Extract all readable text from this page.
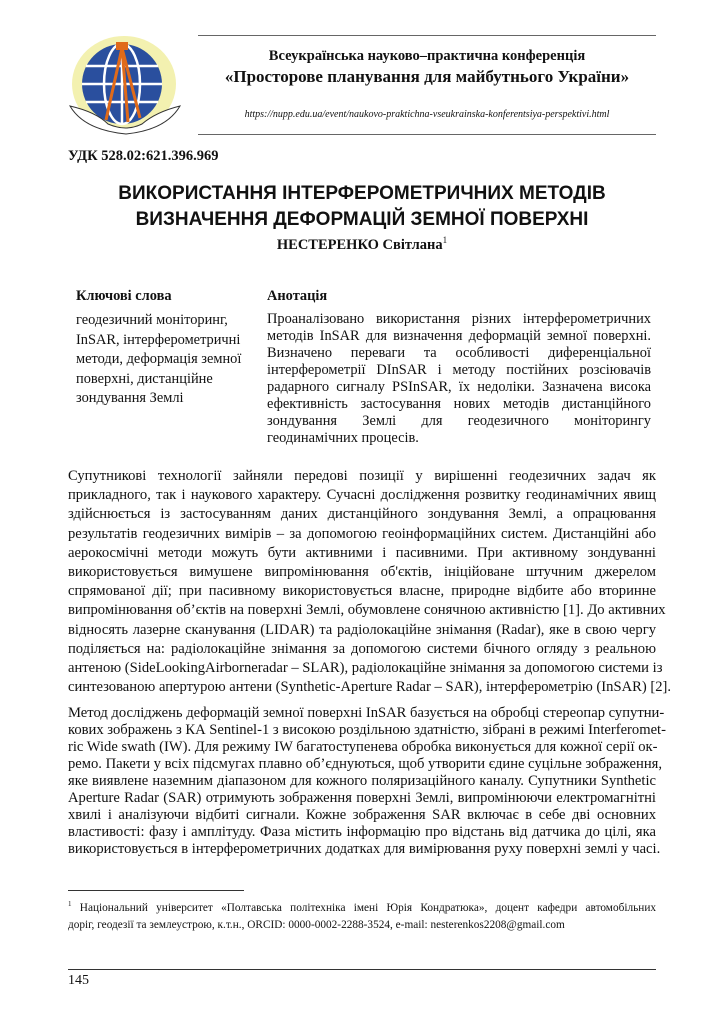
Всеукраїнська науково–практична конференція
«Просторове планування для майбутнього України»
https://nupp.edu.ua/event/naukovo-praktichna-vseukrainska-konferentsiya-perspektivi.html
УДК 528.02:621.396.969
ВИКОРИСТАННЯ ІНТЕРФЕРОМЕТРИЧНИХ МЕТОДІВ
ВИЗНАЧЕННЯ ДЕФОРМАЦІЙ ЗЕМНОЇ ПОВЕРХНІ
НЕСТЕРЕНКО Світлана$^1$
Ключові слова	Анотація
геодезичний моніторинг,
InSAR, інтерферометричні
методи, деформація земної
поверхні, дистанційне
зондування Землі
Проаналізовано використання різних інтерферометричних
методів InSAR для визначення деформацій земної поверхні.
Визначено переваги та особливості диференціальної
інтерферометрії DInSAR і методу постійних розсіювачів
радарного сигналу PSInSAR, їх недоліки. Зазначена висока
ефективність застосування нових методів дистанційного
зондування Землі для геодезичного моніторингу
геодинамічних процесів.
Супутникові технології зайняли передові позиції у вирішенні геодезичних задач як
прикладного, так і наукового характеру. Сучасні дослідження розвитку геодинамічних явищ
здійснюється із застосуванням даних дистанційного зондування Землі, а опрацювання
результатів геодезичних вимірів – за допомогою геоінформаційних систем. Дистанційні або
аерокосмічні методи можуть бути активними і пасивними. При активному зондуванні
використовується вимушене випромінювання об'єктів, ініційоване штучним джерелом
спрямованої дії; при пасивному використовується власне, природне відбите або вторинне
випромінювання об’єктів на поверхні Землі, обумовлене сонячною активністю [1]. До активних
відносять лазерне сканування (LIDAR) та радіолокаційне знімання (Radar), яке в свою чергу
поділяється на: радіолокаційне знімання за допомогою системи бічного огляду з реальною
антеною (SideLookingAirborneradar – SLAR), радіолокаційне знімання за допомогою системи із
синтезованою апертурою антени (Synthetic-Aperture Radar – SAR), інтерферометрію (InSAR) [2].
Метод досліджень деформацій земної поверхні InSAR базується на обробці стереопар супутни-
кових зображень з КА Sentinel-1 з високою роздільною здатністю, зібрані в режимі Interferomet-
ric Wide swath (IW). Для режиму IW багатоступенева обробка виконується для кожної серії ок-
ремо. Пакети у всіх підсмугах плавно об’єднуються, щоб утворити єдине суцільне зображення,
яке виявлене наземним діапазоном для кожного поляризаційного каналу. Супутники Synthetic
Aperture Radar (SAR) отримують зображення поверхні Землі, випромінюючи електромагнітні
хвилі і аналізуючи відбиті сигнали. Кожне зображення SAR включає в себе дві основних
властивості: фазу і амплітуду. Фаза містить інформацію про відстань від датчика до цілі, яка
використовується в інтерферометричних додатках для вимірювання руху поверхні землі у часі.
$^1$ Національний університет «Полтавська політехніка імені Юрія Кондратюка», доцент кафедри автомобільних
доріг, геодезії та землеустрою, к.т.н., ORCID: 0000-0002-2288-3524, e-mail: nesterenkos2208@gmail.com
145
